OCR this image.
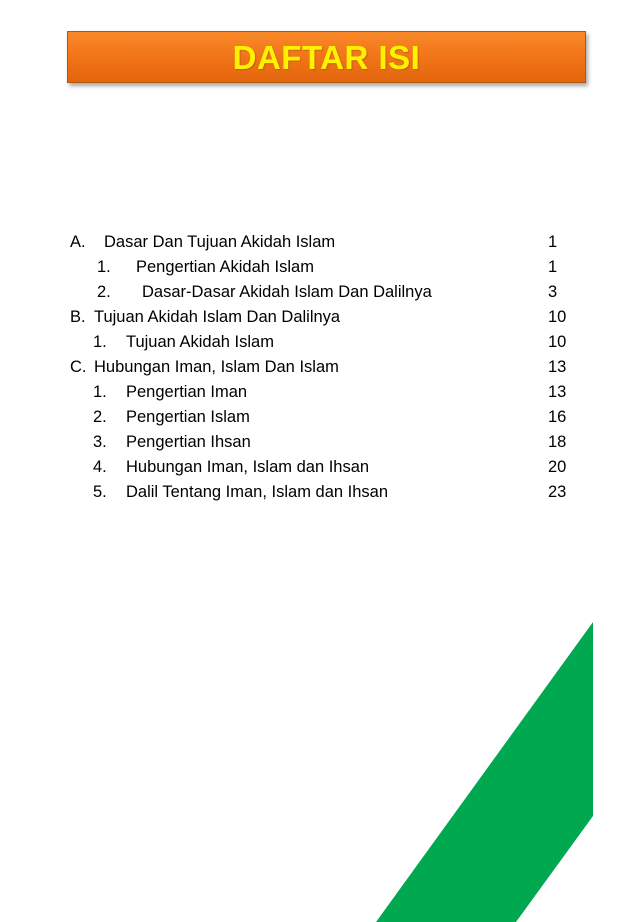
DAFTAR ISI
A. Dasar Dan Tujuan Akidah Islam	1
1. Pengertian Akidah Islam	1
2. Dasar-Dasar Akidah Islam Dan Dalilnya	3
B. Tujuan Akidah Islam Dan Dalilnya	10
1. Tujuan Akidah Islam	10
C. Hubungan Iman, Islam Dan Islam	13
1. Pengertian Iman	13
2. Pengertian Islam	16
3. Pengertian Ihsan	18
4. Hubungan Iman, Islam dan Ihsan	20
5. Dalil Tentang Iman, Islam dan Ihsan	23
